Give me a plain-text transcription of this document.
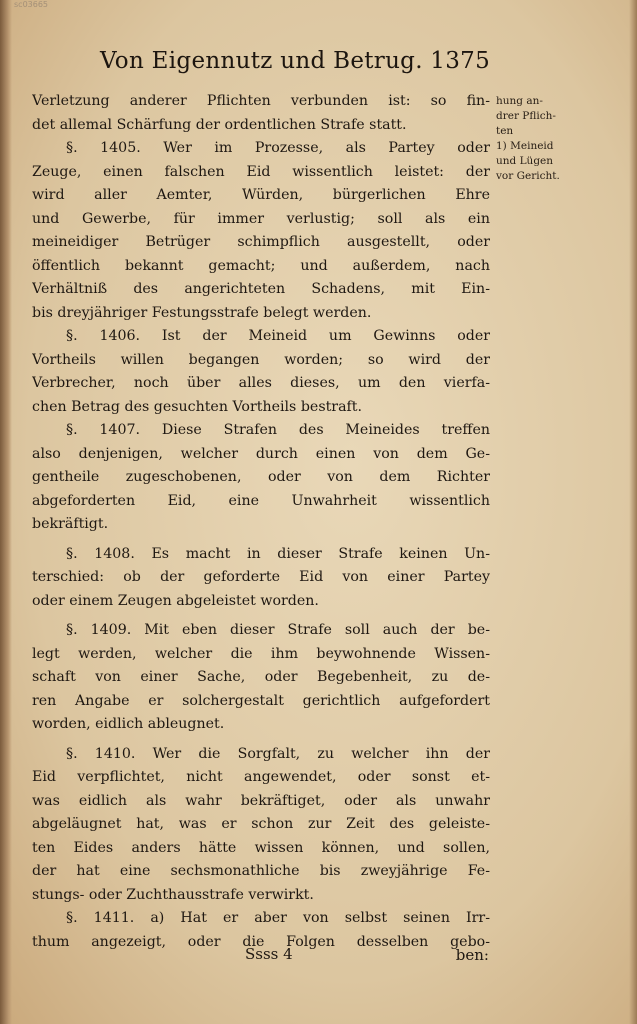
sc03665
Von Eigennutz und Betrug. 1375
Verletzung anderer Pflichten verbunden ist: so fin-
det allemal Schärfung der ordentlichen Strafe statt.
§. 1405. Wer im Prozesse, als Partey oder
Zeuge, einen falschen Eid wissentlich leistet: der
wird aller Aemter, Würden, bürgerlichen Ehre
und Gewerbe, für immer verlustig; soll als ein
meineidiger Betrüger schimpflich ausgestellt, oder
öffentlich bekannt gemacht; und außerdem, nach
Verhältniß des angerichteten Schadens, mit Ein-
bis dreyjähriger Festungsstrafe belegt werden.
§. 1406. Ist der Meineid um Gewinns oder
Vortheils willen begangen worden; so wird der
Verbrecher, noch über alles dieses, um den vierfa-
chen Betrag des gesuchten Vortheils bestraft.
§. 1407. Diese Strafen des Meineides treffen
also denjenigen, welcher durch einen von dem Ge-
gentheile zugeschobenen, oder von dem Richter
abgeforderten Eid, eine Unwahrheit wissentlich
bekräftigt.
§. 1408. Es macht in dieser Strafe keinen Un-
terschied: ob der geforderte Eid von einer Partey
oder einem Zeugen abgeleistet worden.
§. 1409. Mit eben dieser Strafe soll auch der be-
legt werden, welcher die ihm beywohnende Wissen-
schaft von einer Sache, oder Begebenheit, zu de-
ren Angabe er solchergestalt gerichtlich aufgefordert
worden, eidlich ableugnet.
§. 1410. Wer die Sorgfalt, zu welcher ihn der
Eid verpflichtet, nicht angewendet, oder sonst et-
was eidlich als wahr bekräftiget, oder als unwahr
abgeläugnet hat, was er schon zur Zeit des geleiste-
ten Eides anders hätte wissen können, und sollen,
der hat eine sechsmonathliche bis zweyjährige Fe-
stungs- oder Zuchthausstrafe verwirkt.
§. 1411. a) Hat er aber von selbst seinen Irr-
thum angezeigt, oder die Folgen desselben gebo-
hung an-
drer Pflich-
ten
1) Meineid
und Lügen
vor Gericht.
Ssss 4	ben:
